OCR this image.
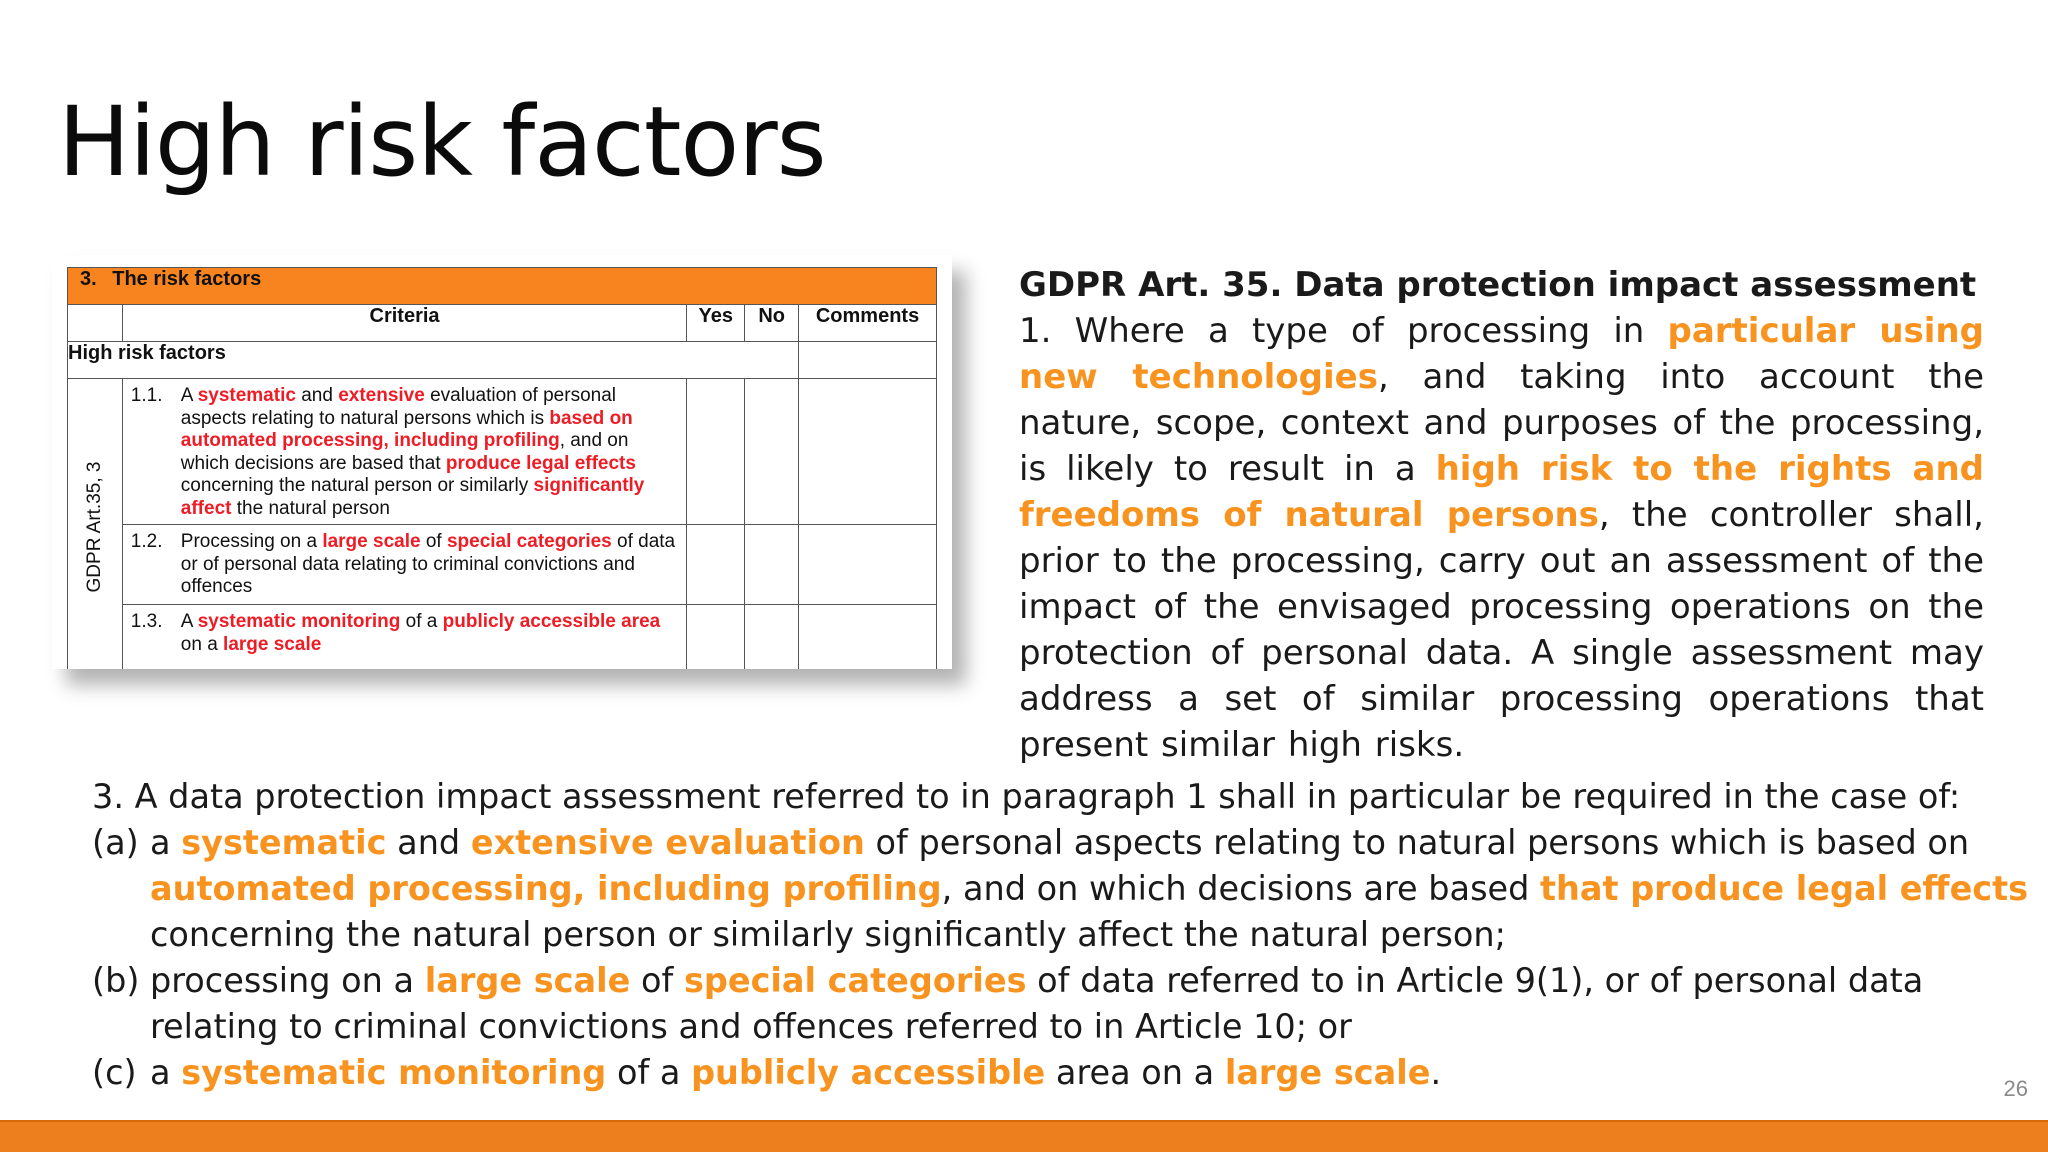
High risk factors
3. The risk factors				
	Criteria	Yes	No	Comments
High risk factors				

GDPR Art.35, 3	1.1. A systematic and extensive evaluation of personal aspects relating to natural persons which is based on automated processing, including profiling, and on which decisions are based that produce legal effects concerning the natural person or similarly significantly affect the natural person			

	1.2. Processing on a large scale of special categories of data or of personal data relating to criminal convictions and offences			

	1.3. A systematic monitoring of a publicly accessible area on a large scale			

GDPR Art. 35. Data protection impact assessment
1. Where a type of processing in particular using new technologies, and taking into account the nature, scope, context and purposes of the processing, is likely to result in a high risk to the rights and freedoms of natural persons, the controller shall, prior to the processing, carry out an assessment of the impact of the envisaged processing operations on the protection of personal data. A single assessment may address a set of similar processing operations that present similar high risks.
3. A data protection impact assessment referred to in paragraph 1 shall in particular be required in the case of:
(a) a systematic and extensive evaluation of personal aspects relating to natural persons which is based on automated processing, including profiling, and on which decisions are based that produce legal effects concerning the natural person or similarly significantly affect the natural person;
(b) processing on a large scale of special categories of data referred to in Article 9(1), or of personal data relating to criminal convictions and offences referred to in Article 10; or
(c) a systematic monitoring of a publicly accessible area on a large scale.	26
